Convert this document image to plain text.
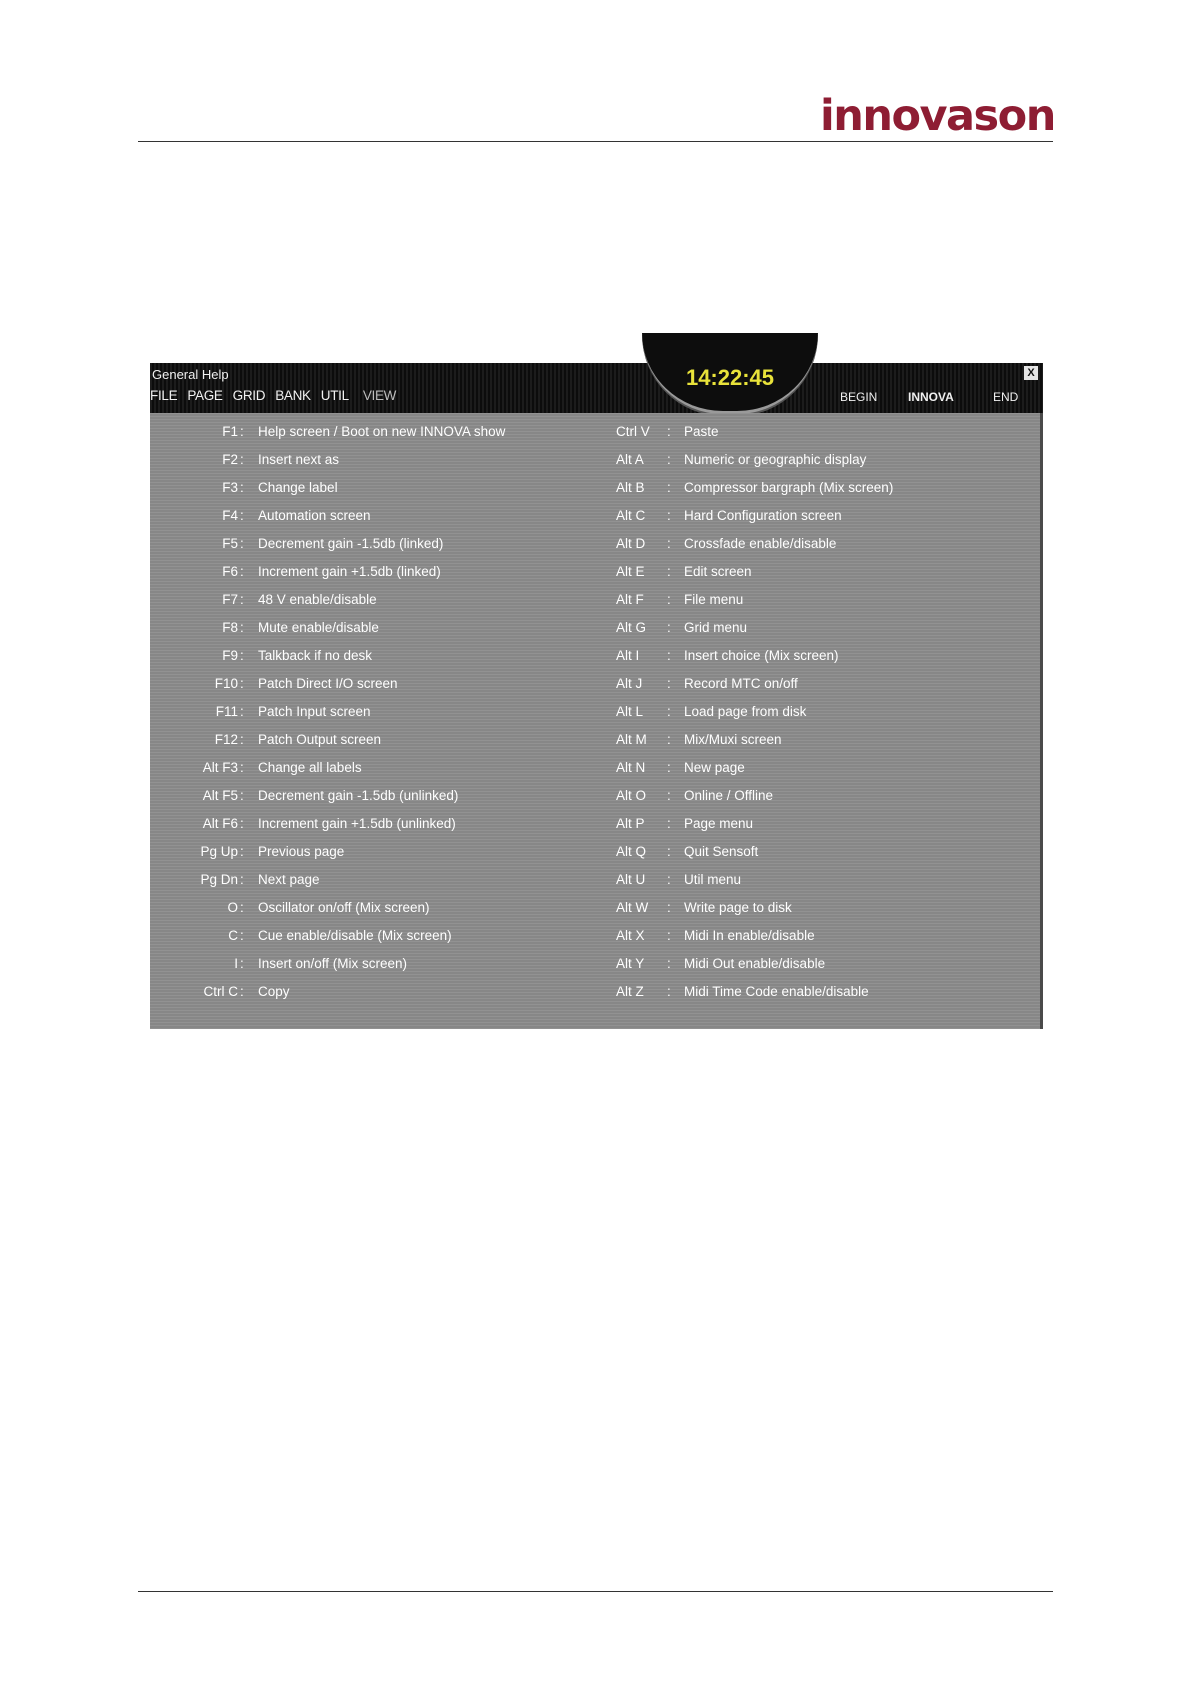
innovason
General Help
FILE PAGE GRID BANK UTIL VIEW
14:22:45
BEGIN	INNOVA	END
X
F1 : Help screen / Boot on new INNOVA show
F2 : Insert next as
F3 : Change label
F4 : Automation screen
F5 : Decrement gain -1.5db (linked)
F6 : Increment gain +1.5db (linked)
F7 : 48 V enable/disable
F8 : Mute enable/disable
F9 : Talkback if no desk
F10 : Patch Direct I/O screen
F11 : Patch Input screen
F12 : Patch Output screen
Alt F3 : Change all labels
Alt F5 : Decrement gain -1.5db (unlinked)
Alt F6 : Increment gain +1.5db (unlinked)
Pg Up : Previous page
Pg Dn : Next page
O : Oscillator on/off (Mix screen)
C : Cue enable/disable (Mix screen)
I : Insert on/off (Mix screen)
Ctrl C : Copy
Ctrl V	: Paste
Alt A	: Numeric or geographic display
Alt B	: Compressor bargraph (Mix screen)
Alt C	: Hard Configuration screen
Alt D	: Crossfade enable/disable
Alt E	: Edit screen
Alt F	: File menu
Alt G	: Grid menu
Alt I	: Insert choice (Mix screen)
Alt J	: Record MTC on/off
Alt L	: Load page from disk
Alt M	: Mix/Muxi screen
Alt N	: New page
Alt O	: Online / Offline
Alt P	: Page menu
Alt Q	: Quit Sensoft
Alt U	: Util menu
Alt W	: Write page to disk
Alt X	: Midi In enable/disable
Alt Y	: Midi Out enable/disable
Alt Z	: Midi Time Code enable/disable
